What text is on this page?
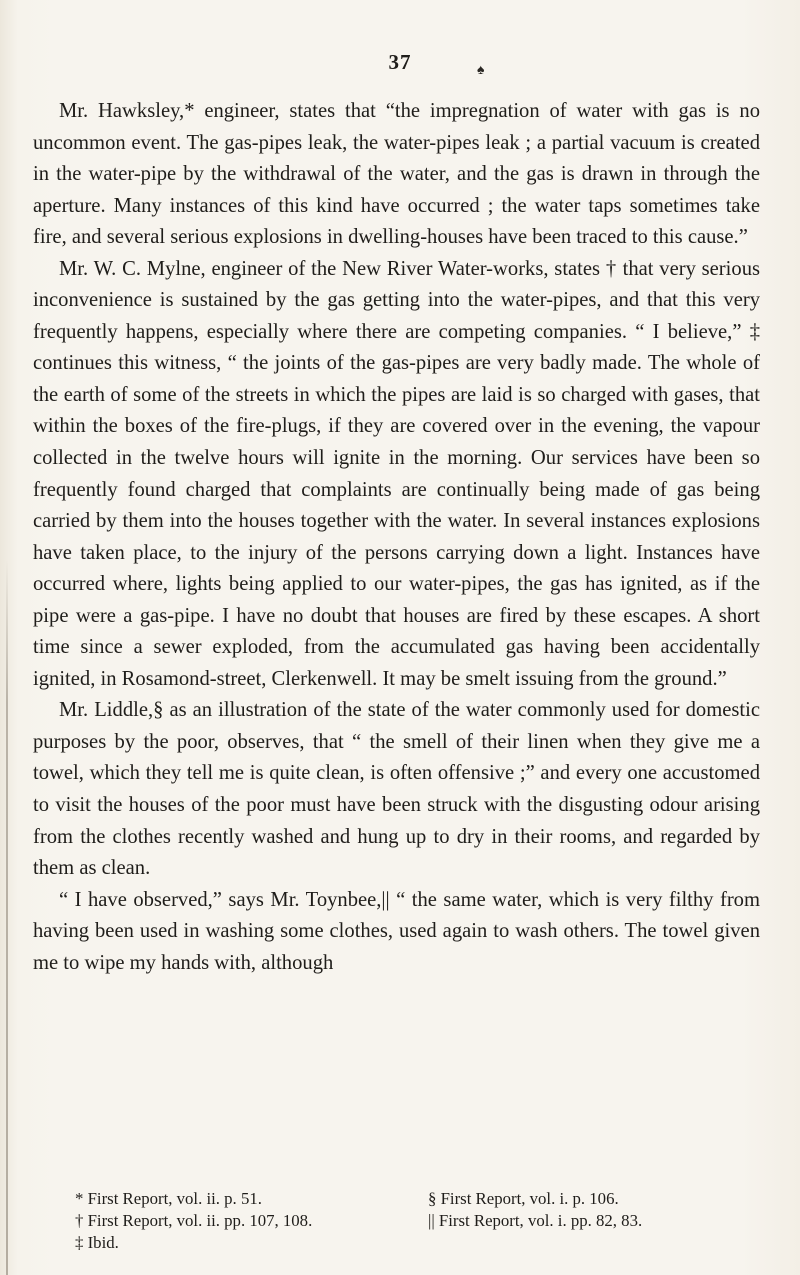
37	♠

Mr. Hawksley,* engineer, states that “the impregnation of water with gas is no uncommon event. The gas-pipes leak, the water-pipes leak ; a partial vacuum is created in the water-pipe by the withdrawal of the water, and the gas is drawn in through the aperture. Many instances of this kind have occurred ; the water taps sometimes take fire, and several serious explosions in dwelling-houses have been traced to this cause.”

Mr. W. C. Mylne, engineer of the New River Water-works, states † that very serious inconvenience is sustained by the gas getting into the water-pipes, and that this very frequently happens, especially where there are competing companies. “ I believe,” ‡ continues this witness, “ the joints of the gas-pipes are very badly made. The whole of the earth of some of the streets in which the pipes are laid is so charged with gases, that within the boxes of the fire-plugs, if they are covered over in the evening, the vapour collected in the twelve hours will ignite in the morning. Our services have been so frequently found charged that complaints are continually being made of gas being carried by them into the houses together with the water. In several instances explosions have taken place, to the injury of the persons carrying down a light. Instances have occurred where, lights being applied to our water-pipes, the gas has ignited, as if the pipe were a gas-pipe. I have no doubt that houses are fired by these escapes. A short time since a sewer exploded, from the accumulated gas having been accidentally ignited, in Rosamond-street, Clerkenwell. It may be smelt issuing from the ground.”

Mr. Liddle,§ as an illustration of the state of the water commonly used for domestic purposes by the poor, observes, that “ the smell of their linen when they give me a towel, which they tell me is quite clean, is often offensive ;” and every one accustomed to visit the houses of the poor must have been struck with the disgusting odour arising from the clothes recently washed and hung up to dry in their rooms, and regarded by them as clean.

“ I have observed,” says Mr. Toynbee,|| “ the same water, which is very filthy from having been used in washing some clothes, used again to wash others. The towel given me to wipe my hands with, although

* First Report, vol. ii. p. 51.
† First Report, vol. ii. pp. 107, 108.
‡ Ibid.
§ First Report, vol. i. p. 106.
|| First Report, vol. i. pp. 82, 83.
